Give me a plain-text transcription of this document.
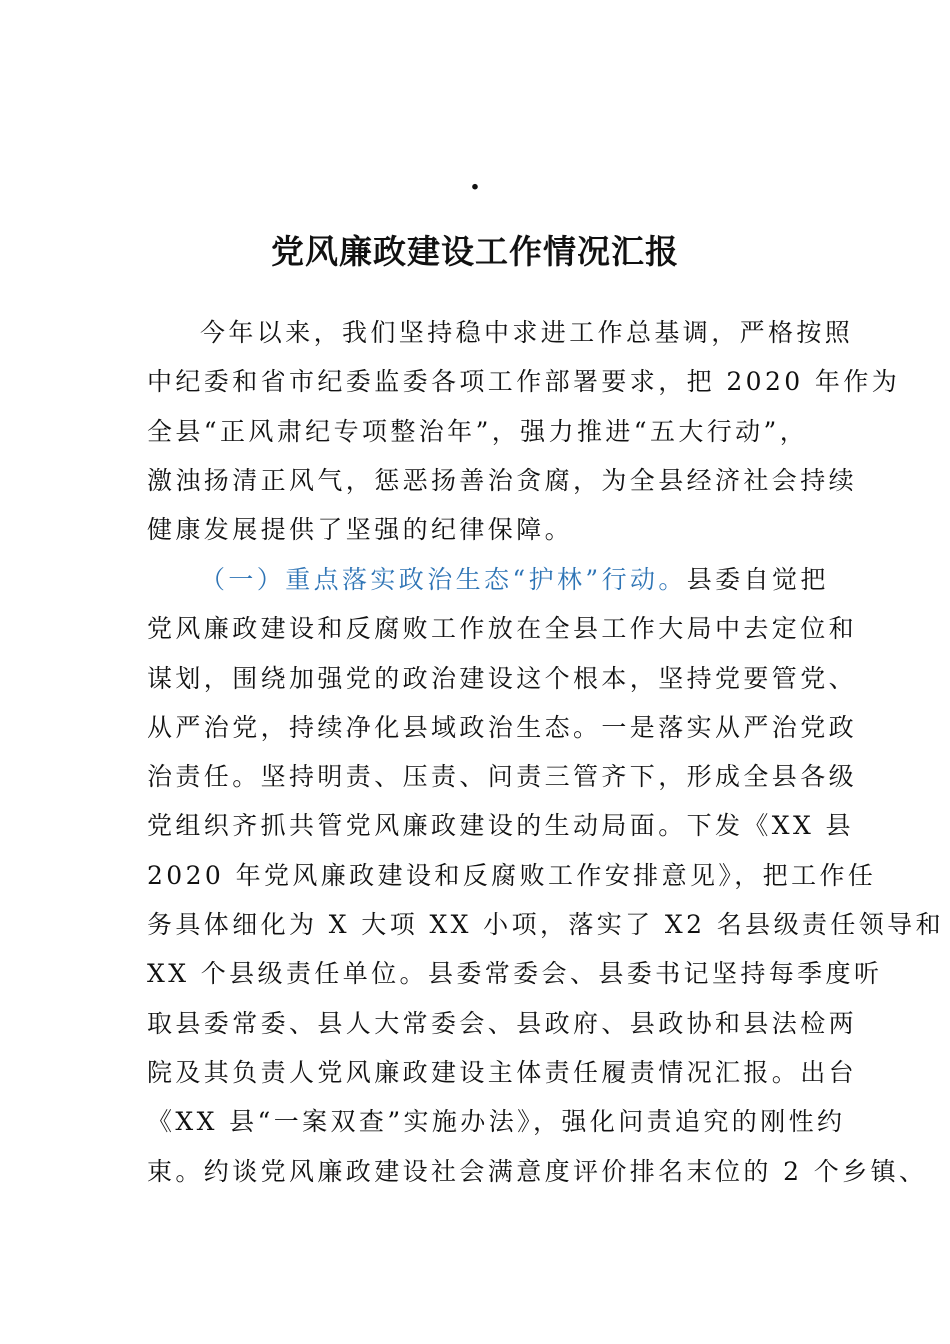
.
党风廉政建设工作情况汇报
今年以来，我们坚持稳中求进工作总基调，严格按照
中纪委和省市纪委监委各项工作部署要求，把 2020 年作为
全县“正风肃纪专项整治年”，强力推进“五大行动”，
激浊扬清正风气，惩恶扬善治贪腐，为全县经济社会持续
健康发展提供了坚强的纪律保障。
（一）重点落实政治生态“护林”行动。县委自觉把
党风廉政建设和反腐败工作放在全县工作大局中去定位和
谋划，围绕加强党的政治建设这个根本，坚持党要管党、
从严治党，持续净化县域政治生态。一是落实从严治党政
治责任。坚持明责、压责、问责三管齐下，形成全县各级
党组织齐抓共管党风廉政建设的生动局面。下发《XX 县
2020 年党风廉政建设和反腐败工作安排意见》，把工作任
务具体细化为 X 大项 XX 小项，落实了 X2 名县级责任领导和
XX 个县级责任单位。县委常委会、县委书记坚持每季度听
取县委常委、县人大常委会、县政府、县政协和县法检两
院及其负责人党风廉政建设主体责任履责情况汇报。出台
《XX 县“一案双查”实施办法》，强化问责追究的刚性约
束。约谈党风廉政建设社会满意度评价排名末位的 2 个乡镇、
